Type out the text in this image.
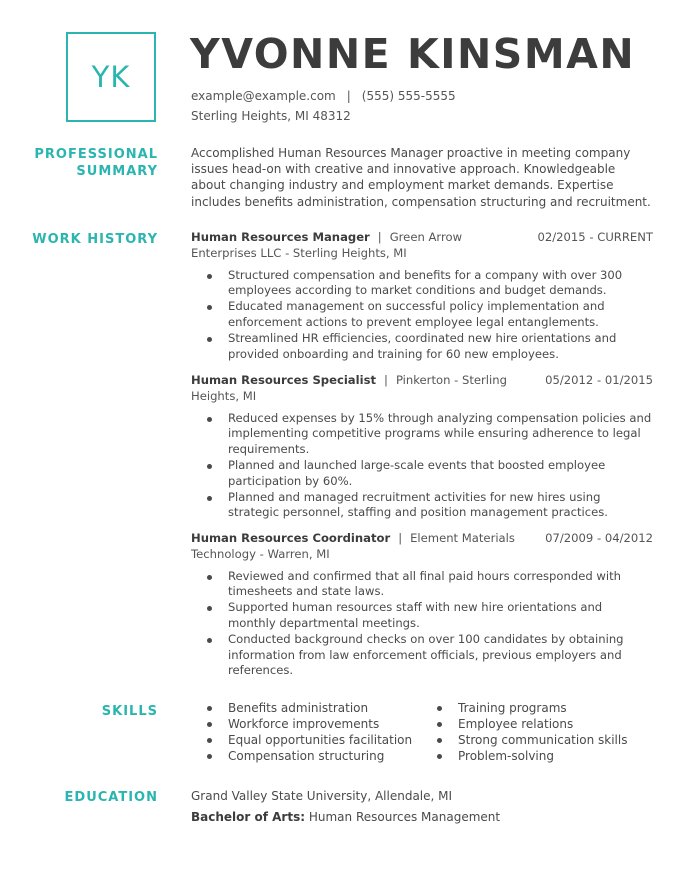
YK YVONNE KINSMAN
example@example.com | (555) 555-5555
Sterling Heights, MI 48312
PROFESSIONAL
SUMMARY
Accomplished Human Resources Manager proactive in meeting company issues head-on with creative and innovative approach. Knowledgeable about changing industry and employment market demands. Expertise includes benefits administration, compensation structuring and recruitment.
WORK HISTORY	Human Resources Manager | Green Arrow	02/2015 - CURRENT
Enterprises LLC - Sterling Heights, MI
Structured compensation and benefits for a company with over 300 employees according to market conditions and budget demands.
Educated management on successful policy implementation and enforcement actions to prevent employee legal entanglements.
Streamlined HR efficiencies, coordinated new hire orientations and provided onboarding and training for 60 new employees.
Human Resources Specialist | Pinkerton - Sterling	05/2012 - 01/2015
Heights, MI
Reduced expenses by 15% through analyzing compensation policies and implementing competitive programs while ensuring adherence to legal requirements.
Planned and launched large-scale events that boosted employee participation by 60%.
Planned and managed recruitment activities for new hires using strategic personnel, staffing and position management practices.
Human Resources Coordinator | Element Materials	07/2009 - 04/2012
Technology - Warren, MI
Reviewed and confirmed that all final paid hours corresponded with timesheets and state laws.
Supported human resources staff with new hire orientations and monthly departmental meetings.
Conducted background checks on over 100 candidates by obtaining information from law enforcement officials, previous employers and references.
SKILLS	Benefits administration
Workforce improvements
Equal opportunities facilitation
Compensation structuring
Training programs
Employee relations
Strong communication skills
Problem-solving
EDUCATION	Grand Valley State University, Allendale, MI
Bachelor of Arts: Human Resources Management
